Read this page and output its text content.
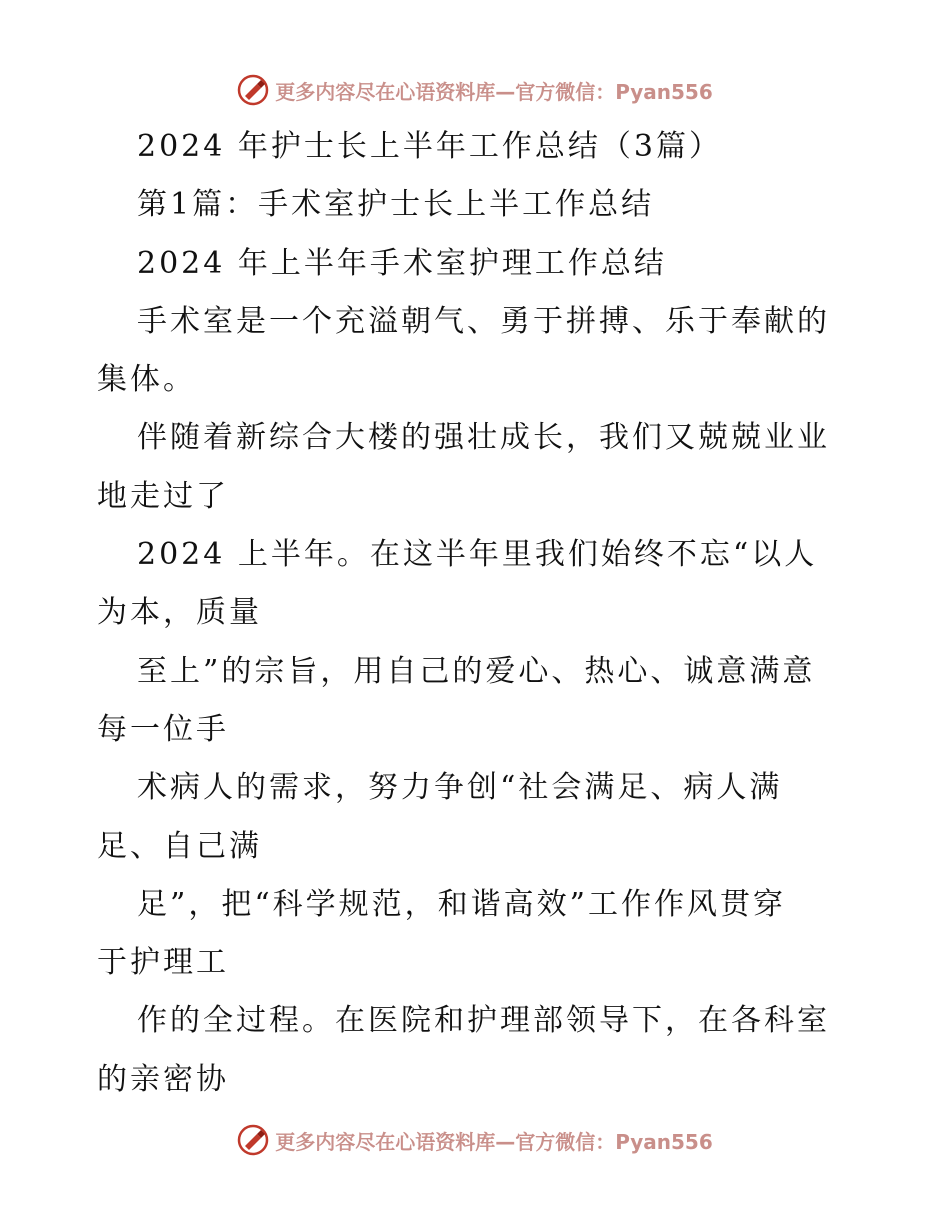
更多内容尽在心语资料库—官方微信：Pyan556
2024 年护士长上半年工作总结（3篇）
第1篇：手术室护士长上半工作总结
2024 年上半年手术室护理工作总结
手术室是一个充溢朝气、勇于拼搏、乐于奉献的
集体。
伴随着新综合大楼的强壮成长，我们又兢兢业业
地走过了
2024 上半年。在这半年里我们始终不忘“以人
为本，质量
至上”的宗旨，用自己的爱心、热心、诚意满意
每一位手
术病人的需求，努力争创“社会满足、病人满
足、自己满
足”，把“科学规范，和谐高效”工作作风贯穿
于护理工
作的全过程。在医院和护理部领导下，在各科室
的亲密协
更多内容尽在心语资料库—官方微信：Pyan556
